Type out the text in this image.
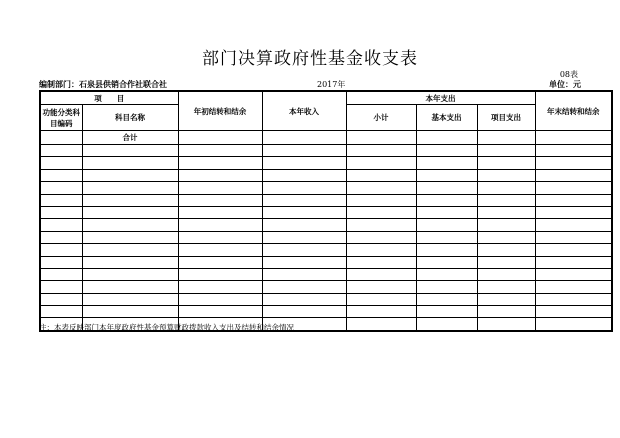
部门决算政府性基金收支表
08表
编制部门：石泉县供销合作社联合社	2017年	单位：元
项　　目		年初结转和结余	本年收入	本年支出			年末结转和结余
功能分类科目编码	科目名称			小计	基本支出	项目支出	
	合计						

注：本表反映部门本年度政府性基金预算财政拨款收入支出及结转和结余情况
